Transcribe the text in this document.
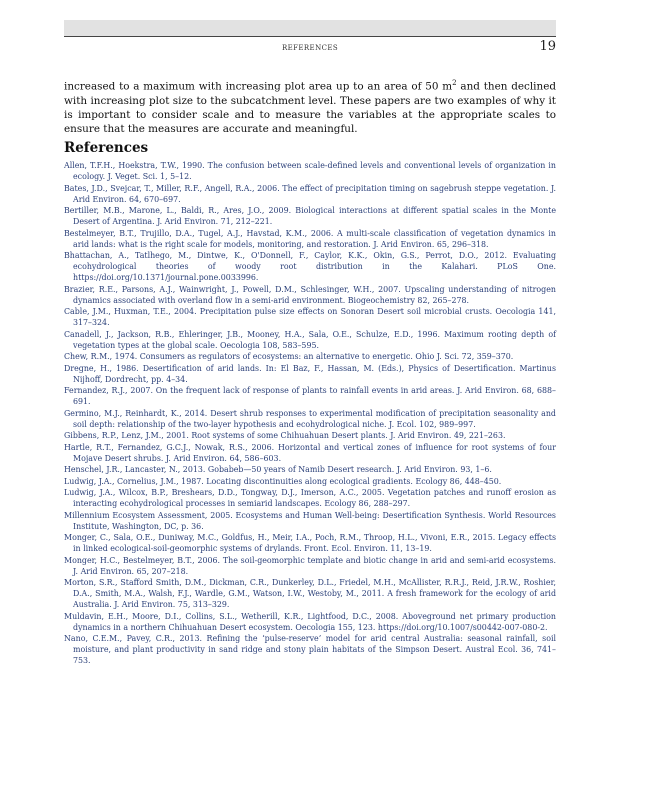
REFERENCES	19

increased to a maximum with increasing plot area up to an area of 50 $m^2$ and then declined with increasing plot size to the subcatchment level. These papers are two examples of why it is important to consider scale and to measure the variables at the appropriate scales to ensure that the measures are accurate and meaningful.

References
Allen, T.F.H., Hoekstra, T.W., 1990. The confusion between scale-defined levels and conventional levels of organization in ecology. J. Veget. Sci. 1, 5–12.
Bates, J.D., Svejcar, T., Miller, R.F., Angell, R.A., 2006. The effect of precipitation timing on sagebrush steppe vegetation. J. Arid Environ. 64, 670–697.
Bertiller, M.B., Marone, L., Baldi, R., Ares, J.O., 2009. Biological interactions at different spatial scales in the Monte Desert of Argentina. J. Arid Environ. 71, 212–221.
Bestelmeyer, B.T., Trujillo, D.A., Tugel, A.J., Havstad, K.M., 2006. A multi-scale classification of vegetation dynamics in arid lands: what is the right scale for models, monitoring, and restoration. J. Arid Environ. 65, 296–318.
Bhattachan, A., Tatlhego, M., Dintwe, K., O'Donnell, F., Caylor, K.K., Okin, G.S., Perrot, D.O., 2012. Evaluating ecohydrological theories of woody root distribution in the Kalahari. PLoS One. https://doi.org/10.1371/journal.pone.0033996.
Brazier, R.E., Parsons, A.J., Wainwright, J., Powell, D.M., Schlesinger, W.H., 2007. Upscaling understanding of nitrogen dynamics associated with overland flow in a semi-arid environment. Biogeochemistry 82, 265–278.
Cable, J.M., Huxman, T.E., 2004. Precipitation pulse size effects on Sonoran Desert soil microbial crusts. Oecologia 141, 317–324.
Canadell, J., Jackson, R.B., Ehleringer, J.B., Mooney, H.A., Sala, O.E., Schulze, E.D., 1996. Maximum rooting depth of vegetation types at the global scale. Oecologia 108, 583–595.
Chew, R.M., 1974. Consumers as regulators of ecosystems: an alternative to energetic. Ohio J. Sci. 72, 359–370.
Dregne, H., 1986. Desertification of arid lands. In: El Baz, F., Hassan, M. (Eds.), Physics of Desertification. Martinus Nijhoff, Dordrecht, pp. 4–34.
Fernandez, R.J., 2007. On the frequent lack of response of plants to rainfall events in arid areas. J. Arid Environ. 68, 688–691.
Germino, M.J., Reinhardt, K., 2014. Desert shrub responses to experimental modification of precipitation seasonality and soil depth: relationship of the two-layer hypothesis and ecohydrological niche. J. Ecol. 102, 989–997.
Gibbens, R.P., Lenz, J.M., 2001. Root systems of some Chihuahuan Desert plants. J. Arid Environ. 49, 221–263.
Hartle, R.T., Fernandez, G.C.J., Nowak, R.S., 2006. Horizontal and vertical zones of influence for root systems of four Mojave Desert shrubs. J. Arid Environ. 64, 586–603.
Henschel, J.R., Lancaster, N., 2013. Gobabeb—50 years of Namib Desert research. J. Arid Environ. 93, 1–6.
Ludwig, J.A., Cornelius, J.M., 1987. Locating discontinuities along ecological gradients. Ecology 86, 448–450.
Ludwig, J.A., Wilcox, B.P., Breshears, D.D., Tongway, D.J., Imerson, A.C., 2005. Vegetation patches and runoff erosion as interacting ecohydrological processes in semiarid landscapes. Ecology 86, 288–297.
Millennium Ecosystem Assessment, 2005. Ecosystems and Human Well-being: Desertification Synthesis. World Resources Institute, Washington, DC, p. 36.
Monger, C., Sala, O.E., Duniway, M.C., Goldfus, H., Meir, I.A., Poch, R.M., Throop, H.L., Vivoni, E.R., 2015. Legacy effects in linked ecological-soil-geomorphic systems of drylands. Front. Ecol. Environ. 11, 13–19.
Monger, H.C., Bestelmeyer, B.T., 2006. The soil-geomorphic template and biotic change in arid and semi-arid ecosystems. J. Arid Environ. 65, 207–218.
Morton, S.R., Stafford Smith, D.M., Dickman, C.R., Dunkerley, D.L., Friedel, M.H., McAllister, R.R.J., Reid, J.R.W., Roshier, D.A., Smith, M.A., Walsh, F.J., Wardle, G.M., Watson, I.W., Westoby, M., 2011. A fresh framework for the ecology of arid Australia. J. Arid Environ. 75, 313–329.
Muldavin, E.H., Moore, D.I., Collins, S.L., Wetherill, K.R., Lightfood, D.C., 2008. Aboveground net primary production dynamics in a northern Chihuahuan Desert ecosystem. Oecologia 155, 123. https://doi.org/10.1007/s00442-007-080-2.
Nano, C.E.M., Pavey, C.R., 2013. Refining the ‘pulse-reserve’ model for arid central Australia: seasonal rainfall, soil moisture, and plant productivity in sand ridge and stony plain habitats of the Simpson Desert. Austral Ecol. 36, 741–753.
